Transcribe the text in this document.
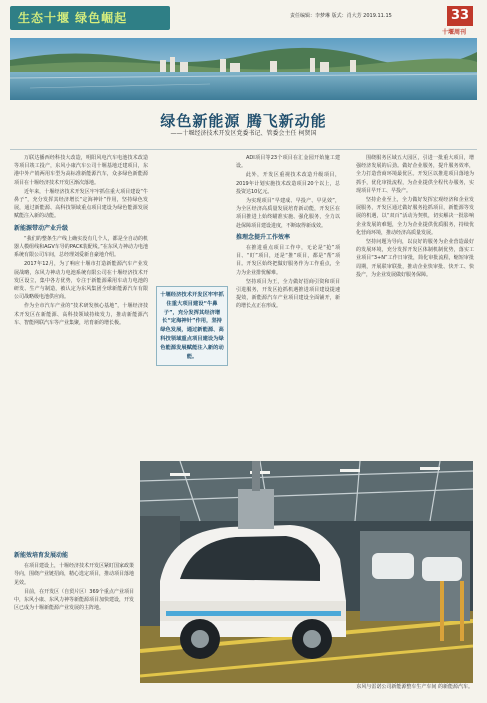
生态十堰 绿色崛起	责任编辑：李梦琳 版式：肖大芳 2019.11.15	33
十堰周刊
绿色新能源 腾飞新动能
——十堰经济技术开发区党委书记、管委会主任 柯贤国

万联达播西经科技大改造，明阳风电汽车电池技术改造等项目竣工投产，东风小康汽车公司十堰基地迁建项目，东港中外产销两用车型为高标准新能源汽车，众多绿色新能源项目在十堰经济技术开发区渐次落地。

近年来，十堰经济技术开发区牢牢抓住重大项目建设“牛鼻子”，充分发挥其经济增长“定海神针”作用，坚持绿色发展，通过新能源、高科技领域重点项目建设为绿色能源发展赋能注入新的动能。

新能源带动产业升级

“我们的整条生产线上确实没有几个人，都是全自动的机器人模组线和AGV车导的PACK装配线。”在东风力神动力电池系统有限公司车间，总经理刘爱新自豪地介绍。

2017年12月，为了响应十堰市打造新能源汽车产业发展战略，东风力神动力电池系统有限公司在十堰经济技术开发区设立，集中各方优势，专注于新能源乘用车动力电池的研发、生产与制造，被认定为东风集团全球新能源汽车有限公司战略级电池供应商。

作为全市汽车产业的“技术研发核心基地”，十堰经济技术开发区在新能源、高科技领域持续发力，推动新能源汽车、智能网联汽车等产业集聚，培育新的增长极。

新能效培育发展动能

在项目建设上，十堰经济技术开发区紧盯国家政策导向，围绕产业链招商，精心选定项目，推动项目落地见效。

目前，在开发区（自贸片区）369个重点产业项目中，东风小康、东风力神等新能源项目加快建设，开发区已成为十堰新能源产业发展的主阵地。

十堰经济技术开发区牢牢抓住重大项目建设“牛鼻子”，充分发挥其经济增长“定海神针”作用，坚持绿色发展，通过新能源、高科技领域重点项目建设为绿色能源发展赋能注入新的动能。

ADI项目等23个项目在汇金园开始施工建设。

此外，开发区重视技术改造升级项目，2019年计划实施技术改造项目20个以上，总投资达10亿元。

为实现项目“早建成、早投产、早见效”，为全区经济高质量发展培育新动能，开发区在项目推进上始终瞄准实施、强化服务，全力以赴保障项目建设进度，不断取得新成效。

推理念提升工作效率

在推进重点项目工作中，无论是“抢”项目、“盯”项目，还是“推”项目，都是“帮”项目。开发区始终把做好服务作为工作重点，全力为企业排忧解难。

坚持项目为王，全力做好招商引资和项目引进服务，开发区抢抓机遇推进项目建设提速提效，新能源汽车产业项目建设全面铺开，新的增长点正在形成。

围绕服务区域五大园区，引进一批重大项目，增强经济发展的后劲。做好企业服务，提升服务效率，全力打造营商环境最优区。开发区以推进项目落地为抓手，优化审批流程，为企业提供全程代办服务，实现项目早开工、早投产。

坚持企业至上，全力做好发挥宏观经济和企业发展服务，开发区通过做好服务抢抓项目，新能源等发展的机遇，以“双百”活动为契机，切实解决一批影响企业发展的难题，全力为企业提供优质服务，持续优化营商环境，推动经济高质量发展。

坚持问题为导向，以良好的服务为企业营造最好的发展环境，充分发挥开发区体制机制优势，落实工业项目“3+N”工作日审批，简化审批流程，缩短审批周期，开展联审联批，推动企业快审批、快开工、快投产，为企业发展做好服务保障。

东风与雷诺公司新能源整车生产车间 的新能源汽车。
